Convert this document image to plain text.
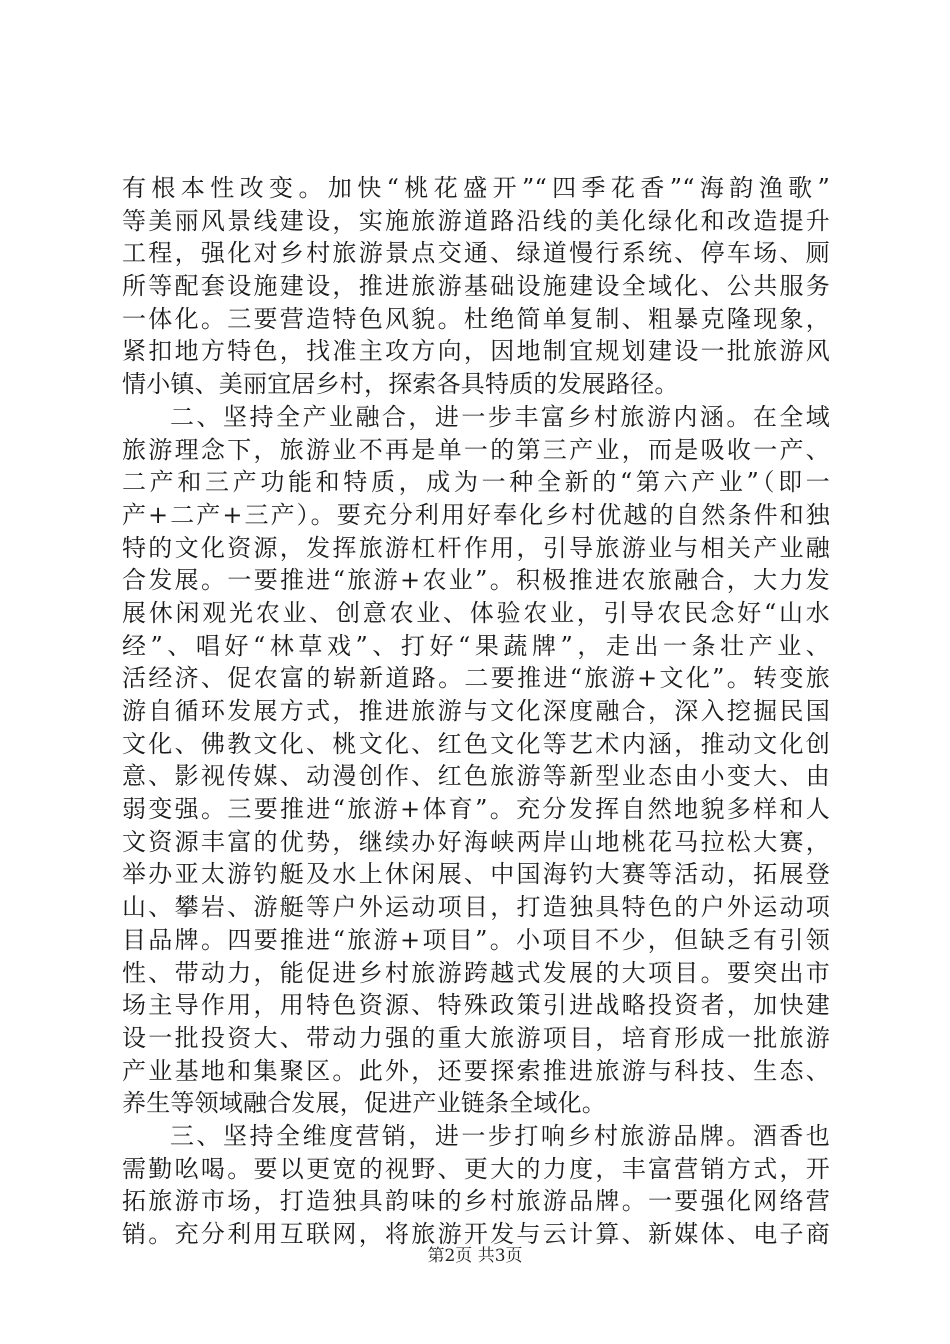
有根本性改变。加快“桃花盛开”“四季花香”“海韵渔歌”
等美丽风景线建设，实施旅游道路沿线的美化绿化和改造提升
工程，强化对乡村旅游景点交通、绿道慢行系统、停车场、厕
所等配套设施建设，推进旅游基础设施建设全域化、公共服务
一体化。三要营造特色风貌。杜绝简单复制、粗暴克隆现象，
紧扣地方特色，找准主攻方向，因地制宜规划建设一批旅游风
情小镇、美丽宜居乡村，探索各具特质的发展路径。
二、坚持全产业融合，进一步丰富乡村旅游内涵。在全域
旅游理念下，旅游业不再是单一的第三产业，而是吸收一产、
二产和三产功能和特质，成为一种全新的“第六产业”（即一
产+二产+三产）。要充分利用好奉化乡村优越的自然条件和独
特的文化资源，发挥旅游杠杆作用，引导旅游业与相关产业融
合发展。一要推进“旅游+农业”。积极推进农旅融合，大力发
展休闲观光农业、创意农业、体验农业，引导农民念好“山水
经”、唱好“林草戏”、打好“果蔬牌”，走出一条壮产业、
活经济、促农富的崭新道路。二要推进“旅游+文化”。转变旅
游自循环发展方式，推进旅游与文化深度融合，深入挖掘民国
文化、佛教文化、桃文化、红色文化等艺术内涵，推动文化创
意、影视传媒、动漫创作、红色旅游等新型业态由小变大、由
弱变强。三要推进“旅游+体育”。充分发挥自然地貌多样和人
文资源丰富的优势，继续办好海峡两岸山地桃花马拉松大赛，
举办亚太游钓艇及水上休闲展、中国海钓大赛等活动，拓展登
山、攀岩、游艇等户外运动项目，打造独具特色的户外运动项
目品牌。四要推进“旅游+项目”。小项目不少，但缺乏有引领
性、带动力，能促进乡村旅游跨越式发展的大项目。要突出市
场主导作用，用特色资源、特殊政策引进战略投资者，加快建
设一批投资大、带动力强的重大旅游项目，培育形成一批旅游
产业基地和集聚区。此外，还要探索推进旅游与科技、生态、
养生等领域融合发展，促进产业链条全域化。
三、坚持全维度营销，进一步打响乡村旅游品牌。酒香也
需勤吆喝。要以更宽的视野、更大的力度，丰富营销方式，开
拓旅游市场，打造独具韵味的乡村旅游品牌。一要强化网络营
销。充分利用互联网，将旅游开发与云计算、新媒体、电子商
第2页 共3页
